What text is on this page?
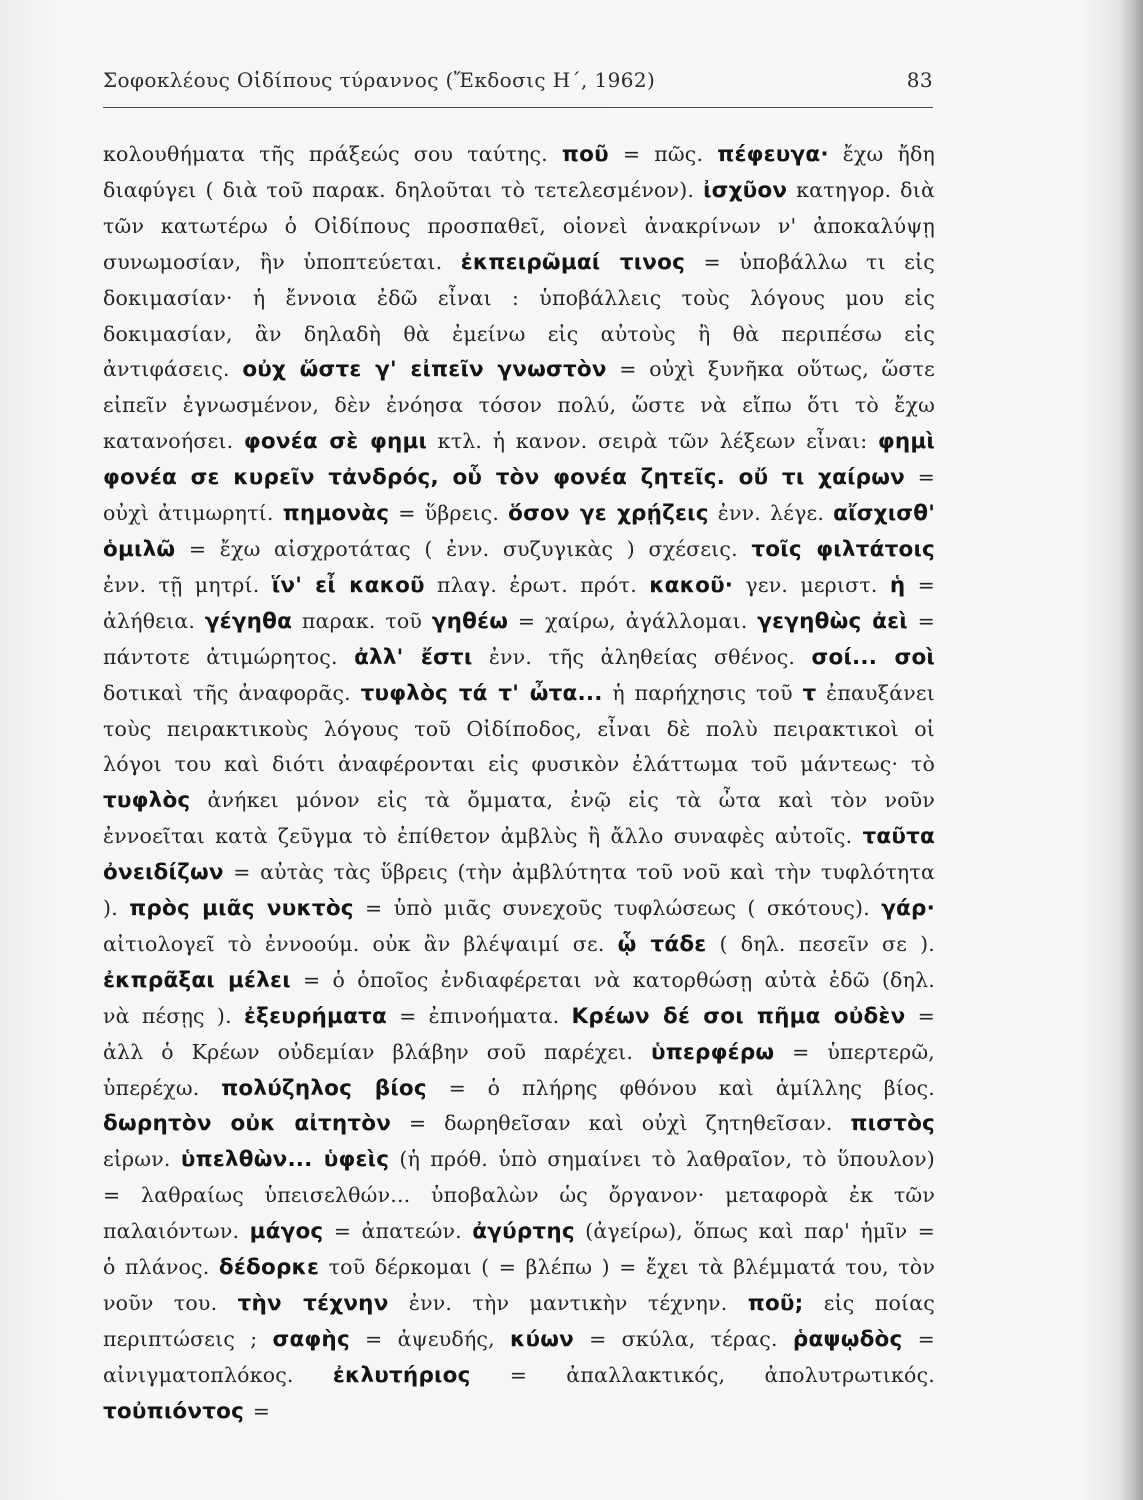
Σοφοκλέους Οἰδίπους τύραννος (Ἔκδοσις Η΄, 1962)	83
κολουθήματα τῆς πράξεώς σου ταύτης. ποῦ = πῶς. πέφευγα· ἔχω ἤδη διαφύγει ( διὰ τοῦ παρακ. δηλοῦται τὸ τετελεσμένον). ἰσχῦον κατηγορ. διὰ τῶν κατωτέρω ὁ Οἰδίπους προσπαθεῖ, οἱονεὶ ἀνακρίνων ν' ἀποκαλύψῃ συνωμοσίαν, ἣν ὑποπτεύεται. ἐκπειρῶμαί τινος = ὑποβάλλω τι εἰς δοκιμασίαν· ἡ ἔννοια ἐδῶ εἶναι : ὑποβάλλεις τοὺς λόγους μου εἰς δοκιμασίαν, ἂν δηλαδὴ θὰ ἐμείνω εἰς αὐτοὺς ἢ θὰ περιπέσω εἰς ἀντιφάσεις. οὐχ ὥστε γ' εἰπεῖν γνωστὸν = οὐχὶ ξυνῆκα οὕτως, ὥστε εἰπεῖν ἐγνωσμένον, δὲν ἐνόησα τόσον πολύ, ὥστε νὰ εἴπω ὅτι τὸ ἔχω κατανοήσει. φονέα σὲ φημι κτλ. ἡ κανον. σειρὰ τῶν λέξεων εἶναι: φημὶ φονέα σε κυρεῖν τἀνδρός, οὗ τὸν φονέα ζητεῖς. οὔ τι χαίρων = οὐχὶ ἀτιμωρητί. πημονὰς = ὕβρεις. ὅσον γε χρῄζεις ἐνν. λέγε. αἴσχισθ' ὁμιλῶ = ἔχω αἰσχροτάτας ( ἐνν. συζυγικὰς ) σχέσεις. τοῖς φιλτάτοις ἐνν. τῇ μητρί. ἵν' εἶ κακοῦ πλαγ. ἐρωτ. πρότ. κακοῦ· γεν. μεριστ. ἡ = ἀλήθεια. γέγηθα παρακ. τοῦ γηθέω = χαίρω, ἀγάλλομαι. γεγηθὼς ἀεὶ = πάντοτε ἀτιμώρητος. ἀλλ' ἔστι ἐνν. τῆς ἀληθείας σθένος. σοί... σοὶ δοτικαὶ τῆς ἀναφορᾶς. τυφλὸς τά τ' ὦτα... ἡ παρήχησις τοῦ τ ἐπαυξάνει τοὺς πειρακτικοὺς λόγους τοῦ Οἰδίποδος, εἶναι δὲ πολὺ πειρακτικοὶ οἱ λόγοι του καὶ διότι ἀναφέρονται εἰς φυσικὸν ἐλάττωμα τοῦ μάντεως· τὸ τυφλὸς ἀνήκει μόνον εἰς τὰ ὄμματα, ἐνῷ εἰς τὰ ὦτα καὶ τὸν νοῦν ἐννοεῖται κατὰ ζεῦγμα τὸ ἐπίθετον ἀμβλὺς ἢ ἄλλο συναφὲς αὐτοῖς. ταῦτα ὀνειδίζων = αὐτὰς τὰς ὕβρεις (τὴν ἀμβλύτητα τοῦ νοῦ καὶ τὴν τυφλότητα ). πρὸς μιᾶς νυκτὸς = ὑπὸ μιᾶς συνεχοῦς τυφλώσεως ( σκότους). γάρ· αἰτιολογεῖ τὸ ἐννοούμ. οὐκ ἂν βλέψαιμί σε. ᾧ τάδε ( δηλ. πεσεῖν σε ). ἐκπρᾶξαι μέλει = ὁ ὁποῖος ἐνδιαφέρεται νὰ κατορθώσῃ αὐτὰ ἐδῶ (δηλ. νὰ πέσῃς ). ἐξευρήματα = ἐπινοήματα. Κρέων δέ σοι πῆμα οὐδὲν = ἀλλ ὁ Κρέων οὐδεμίαν βλάβην σοῦ παρέχει. ὑπερφέρω = ὑπερτερῶ, ὑπερέχω. πολύζηλος βίος = ὁ πλήρης φθόνου καὶ ἁμίλλης βίος. δωρητὸν οὐκ αἰτητὸν = δωρηθεῖσαν καὶ οὐχὶ ζητηθεῖσαν. πιστὸς εἰρων. ὑπελθὼν... ὑφεὶς (ἡ πρόθ. ὑπὸ σημαίνει τὸ λαθραῖον, τὸ ὕπουλον) = λαθραίως ὑπεισελθών... ὑποβαλὼν ὡς ὄργανον· μεταφορὰ ἐκ τῶν παλαιόντων. μάγος = ἀπατεών. ἀγύρτης (ἀγείρω), ὅπως καὶ παρ' ἡμῖν = ὁ πλάνος. δέδορκε τοῦ δέρκομαι ( = βλέπω ) = ἔχει τὰ βλέμματά του, τὸν νοῦν του. τὴν τέχνην ἐνν. τὴν μαντικὴν τέχνην. ποῦ; εἰς ποίας περιπτώσεις ; σαφὴς = ἀψευδής, κύων = σκύλα, τέρας. ῥαψῳδὸς = αἰνιγματοπλόκος. ἐκλυτήριος = ἀπαλλακτικός, ἀπολυτρωτικός. τοὐπιόντος =
